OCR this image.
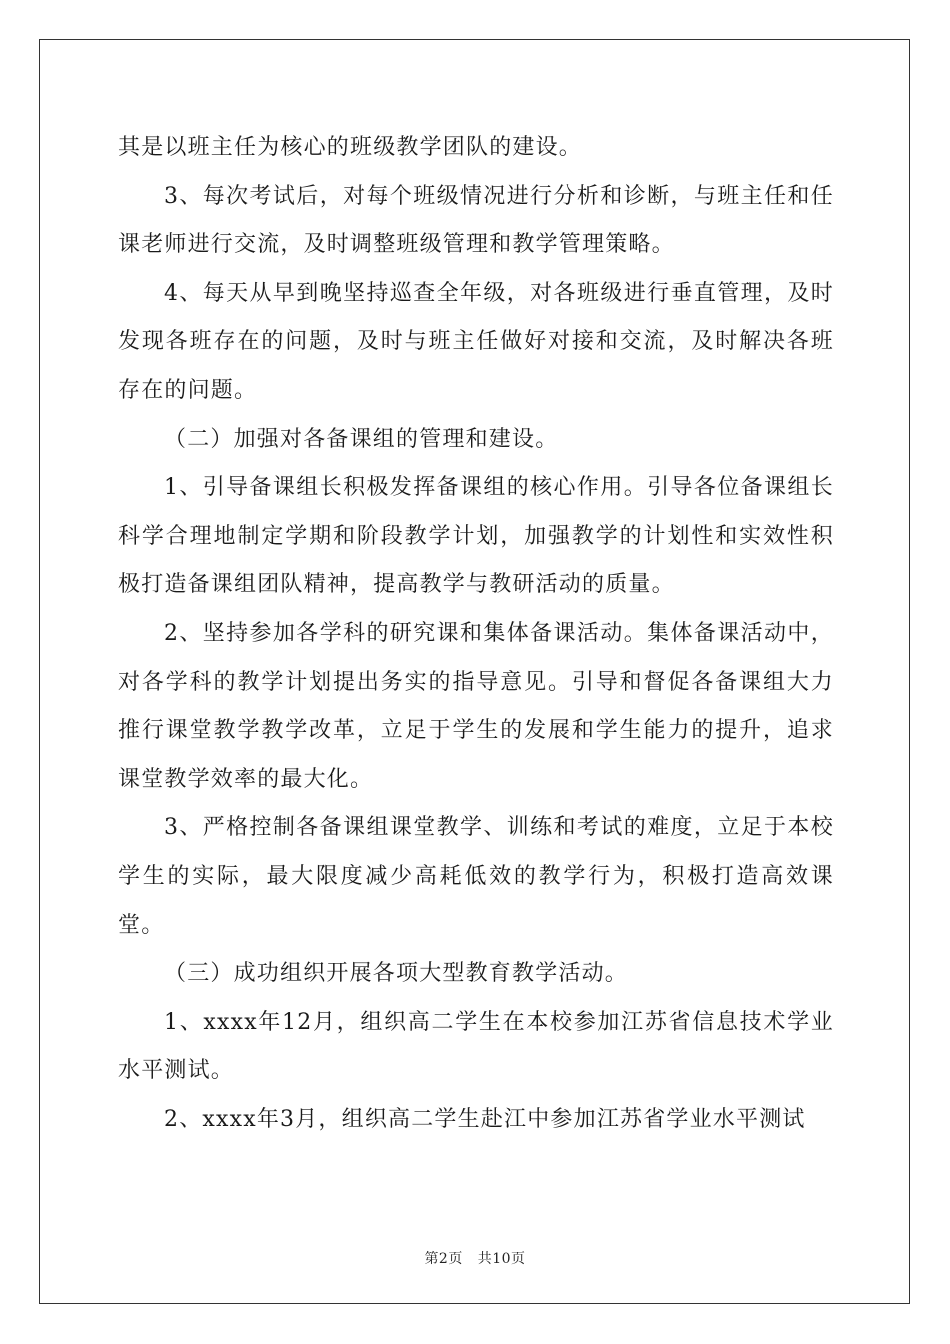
其是以班主任为核心的班级教学团队的建设。

3、每次考试后，对每个班级情况进行分析和诊断，与班主任和任课老师进行交流，及时调整班级管理和教学管理策略。

4、每天从早到晚坚持巡查全年级，对各班级进行垂直管理，及时发现各班存在的问题，及时与班主任做好对接和交流，及时解决各班存在的问题。

（二）加强对各备课组的管理和建设。

1、引导备课组长积极发挥备课组的核心作用。引导各位备课组长科学合理地制定学期和阶段教学计划，加强教学的计划性和实效性积极打造备课组团队精神，提高教学与教研活动的质量。

2、坚持参加各学科的研究课和集体备课活动。集体备课活动中，对各学科的教学计划提出务实的指导意见。引导和督促各备课组大力推行课堂教学教学改革，立足于学生的发展和学生能力的提升，追求课堂教学效率的最大化。

3、严格控制各备课组课堂教学、训练和考试的难度，立足于本校学生的实际，最大限度减少高耗低效的教学行为，积极打造高效课堂。

（三）成功组织开展各项大型教育教学活动。

1、xxxx年12月，组织高二学生在本校参加江苏省信息技术学业水平测试。

2、xxxx年3月，组织高二学生赴江中参加江苏省学业水平测试

第2页 共10页
